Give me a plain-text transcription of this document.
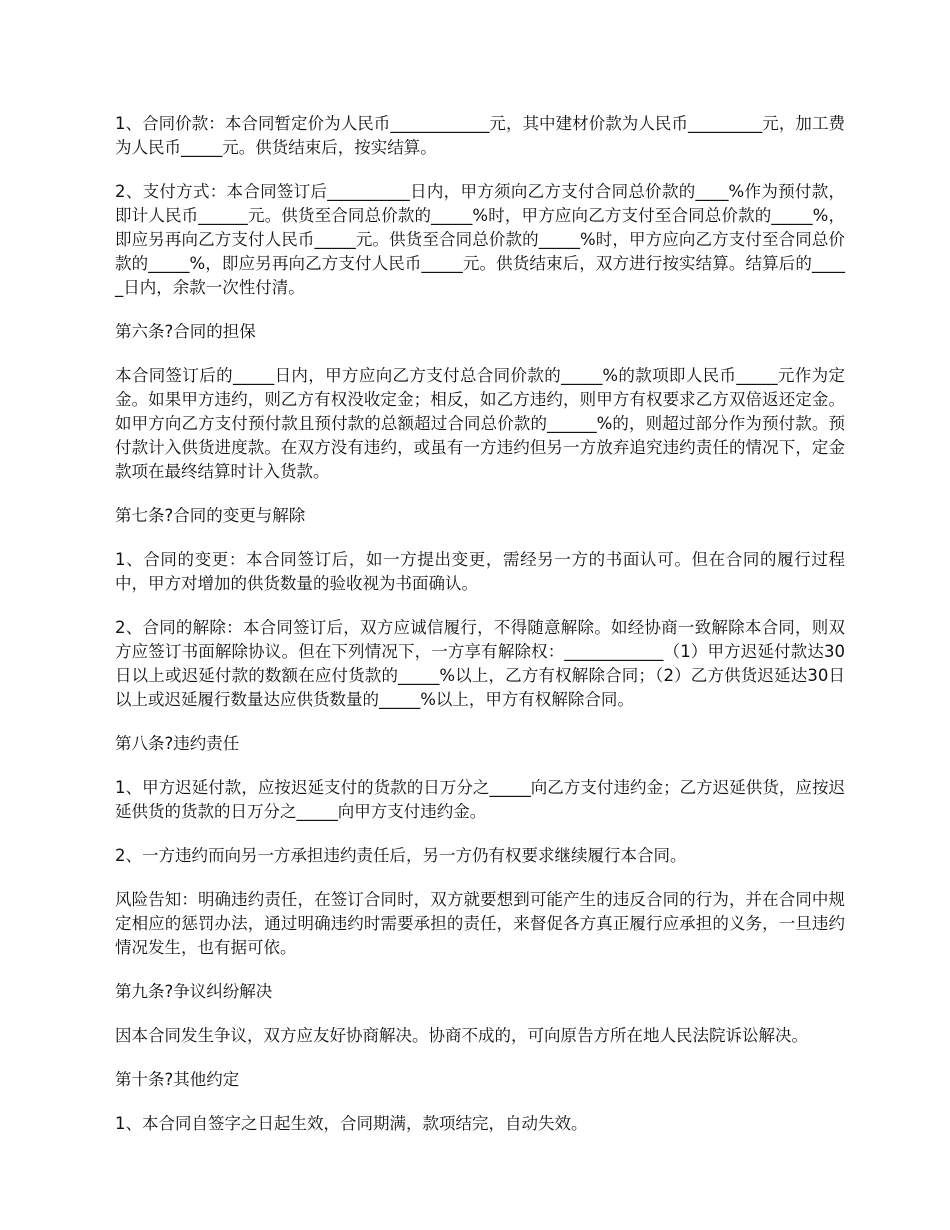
1、合同价款：本合同暂定价为人民币____________元，其中建材价款为人民币_________元，加工费为人民币_____元。供货结束后，按实结算。

2、支付方式：本合同签订后__________日内，甲方须向乙方支付合同总价款的____%作为预付款，即计人民币______元。供货至合同总价款的_____%时，甲方应向乙方支付至合同总价款的_____%，即应另再向乙方支付人民币_____元。供货至合同总价款的_____%时，甲方应向乙方支付至合同总价款的_____%，即应另再向乙方支付人民币_____元。供货结束后，双方进行按实结算。结算后的_____日内，余款一次性付清。

第六条?合同的担保

本合同签订后的_____日内，甲方应向乙方支付总合同价款的_____%的款项即人民币_____元作为定金。如果甲方违约，则乙方有权没收定金；相反，如乙方违约，则甲方有权要求乙方双倍返还定金。如甲方向乙方支付预付款且预付款的总额超过合同总价款的______%的，则超过部分作为预付款。预付款计入供货进度款。在双方没有违约，或虽有一方违约但另一方放弃追究违约责任的情况下，定金款项在最终结算时计入货款。

第七条?合同的变更与解除

1、合同的变更：本合同签订后，如一方提出变更，需经另一方的书面认可。但在合同的履行过程中，甲方对增加的供货数量的验收视为书面确认。

2、合同的解除：本合同签订后，双方应诚信履行，不得随意解除。如经协商一致解除本合同，则双方应签订书面解除协议。但在下列情况下，一方享有解除权：____________（1）甲方迟延付款达30日以上或迟延付款的数额在应付货款的_____%以上，乙方有权解除合同；（2）乙方供货迟延达30日以上或迟延履行数量达应供货数量的_____%以上，甲方有权解除合同。

第八条?违约责任

1、甲方迟延付款，应按迟延支付的货款的日万分之_____向乙方支付违约金；乙方迟延供货，应按迟延供货的货款的日万分之_____向甲方支付违约金。

2、一方违约而向另一方承担违约责任后，另一方仍有权要求继续履行本合同。

风险告知：明确违约责任，在签订合同时，双方就要想到可能产生的违反合同的行为，并在合同中规定相应的惩罚办法，通过明确违约时需要承担的责任，来督促各方真正履行应承担的义务，一旦违约情况发生，也有据可依。

第九条?争议纠纷解决

因本合同发生争议，双方应友好协商解决。协商不成的，可向原告方所在地人民法院诉讼解决。

第十条?其他约定

1、本合同自签字之日起生效，合同期满，款项结完，自动失效。
